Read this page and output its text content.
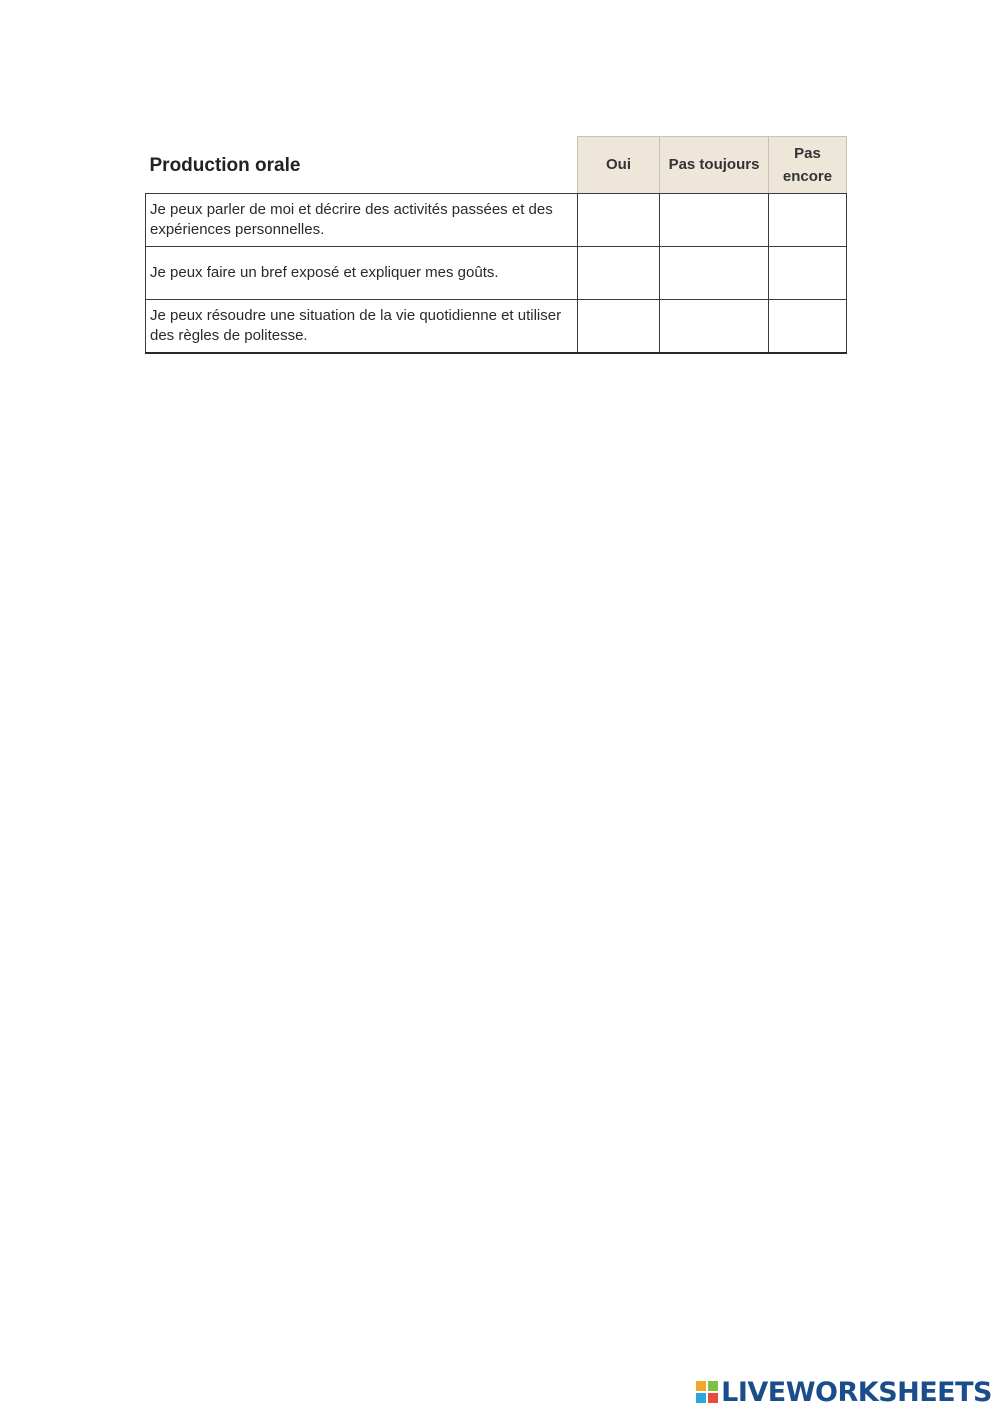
Production orale	Oui	Pas toujours	Pas encore
Je peux parler de moi et décrire des activités passées et des expériences personnelles.			
Je peux faire un bref exposé et expliquer mes goûts.			
Je peux résoudre une situation de la vie quotidienne et utiliser des règles de politesse.			
LIVEWORKSHEETS
